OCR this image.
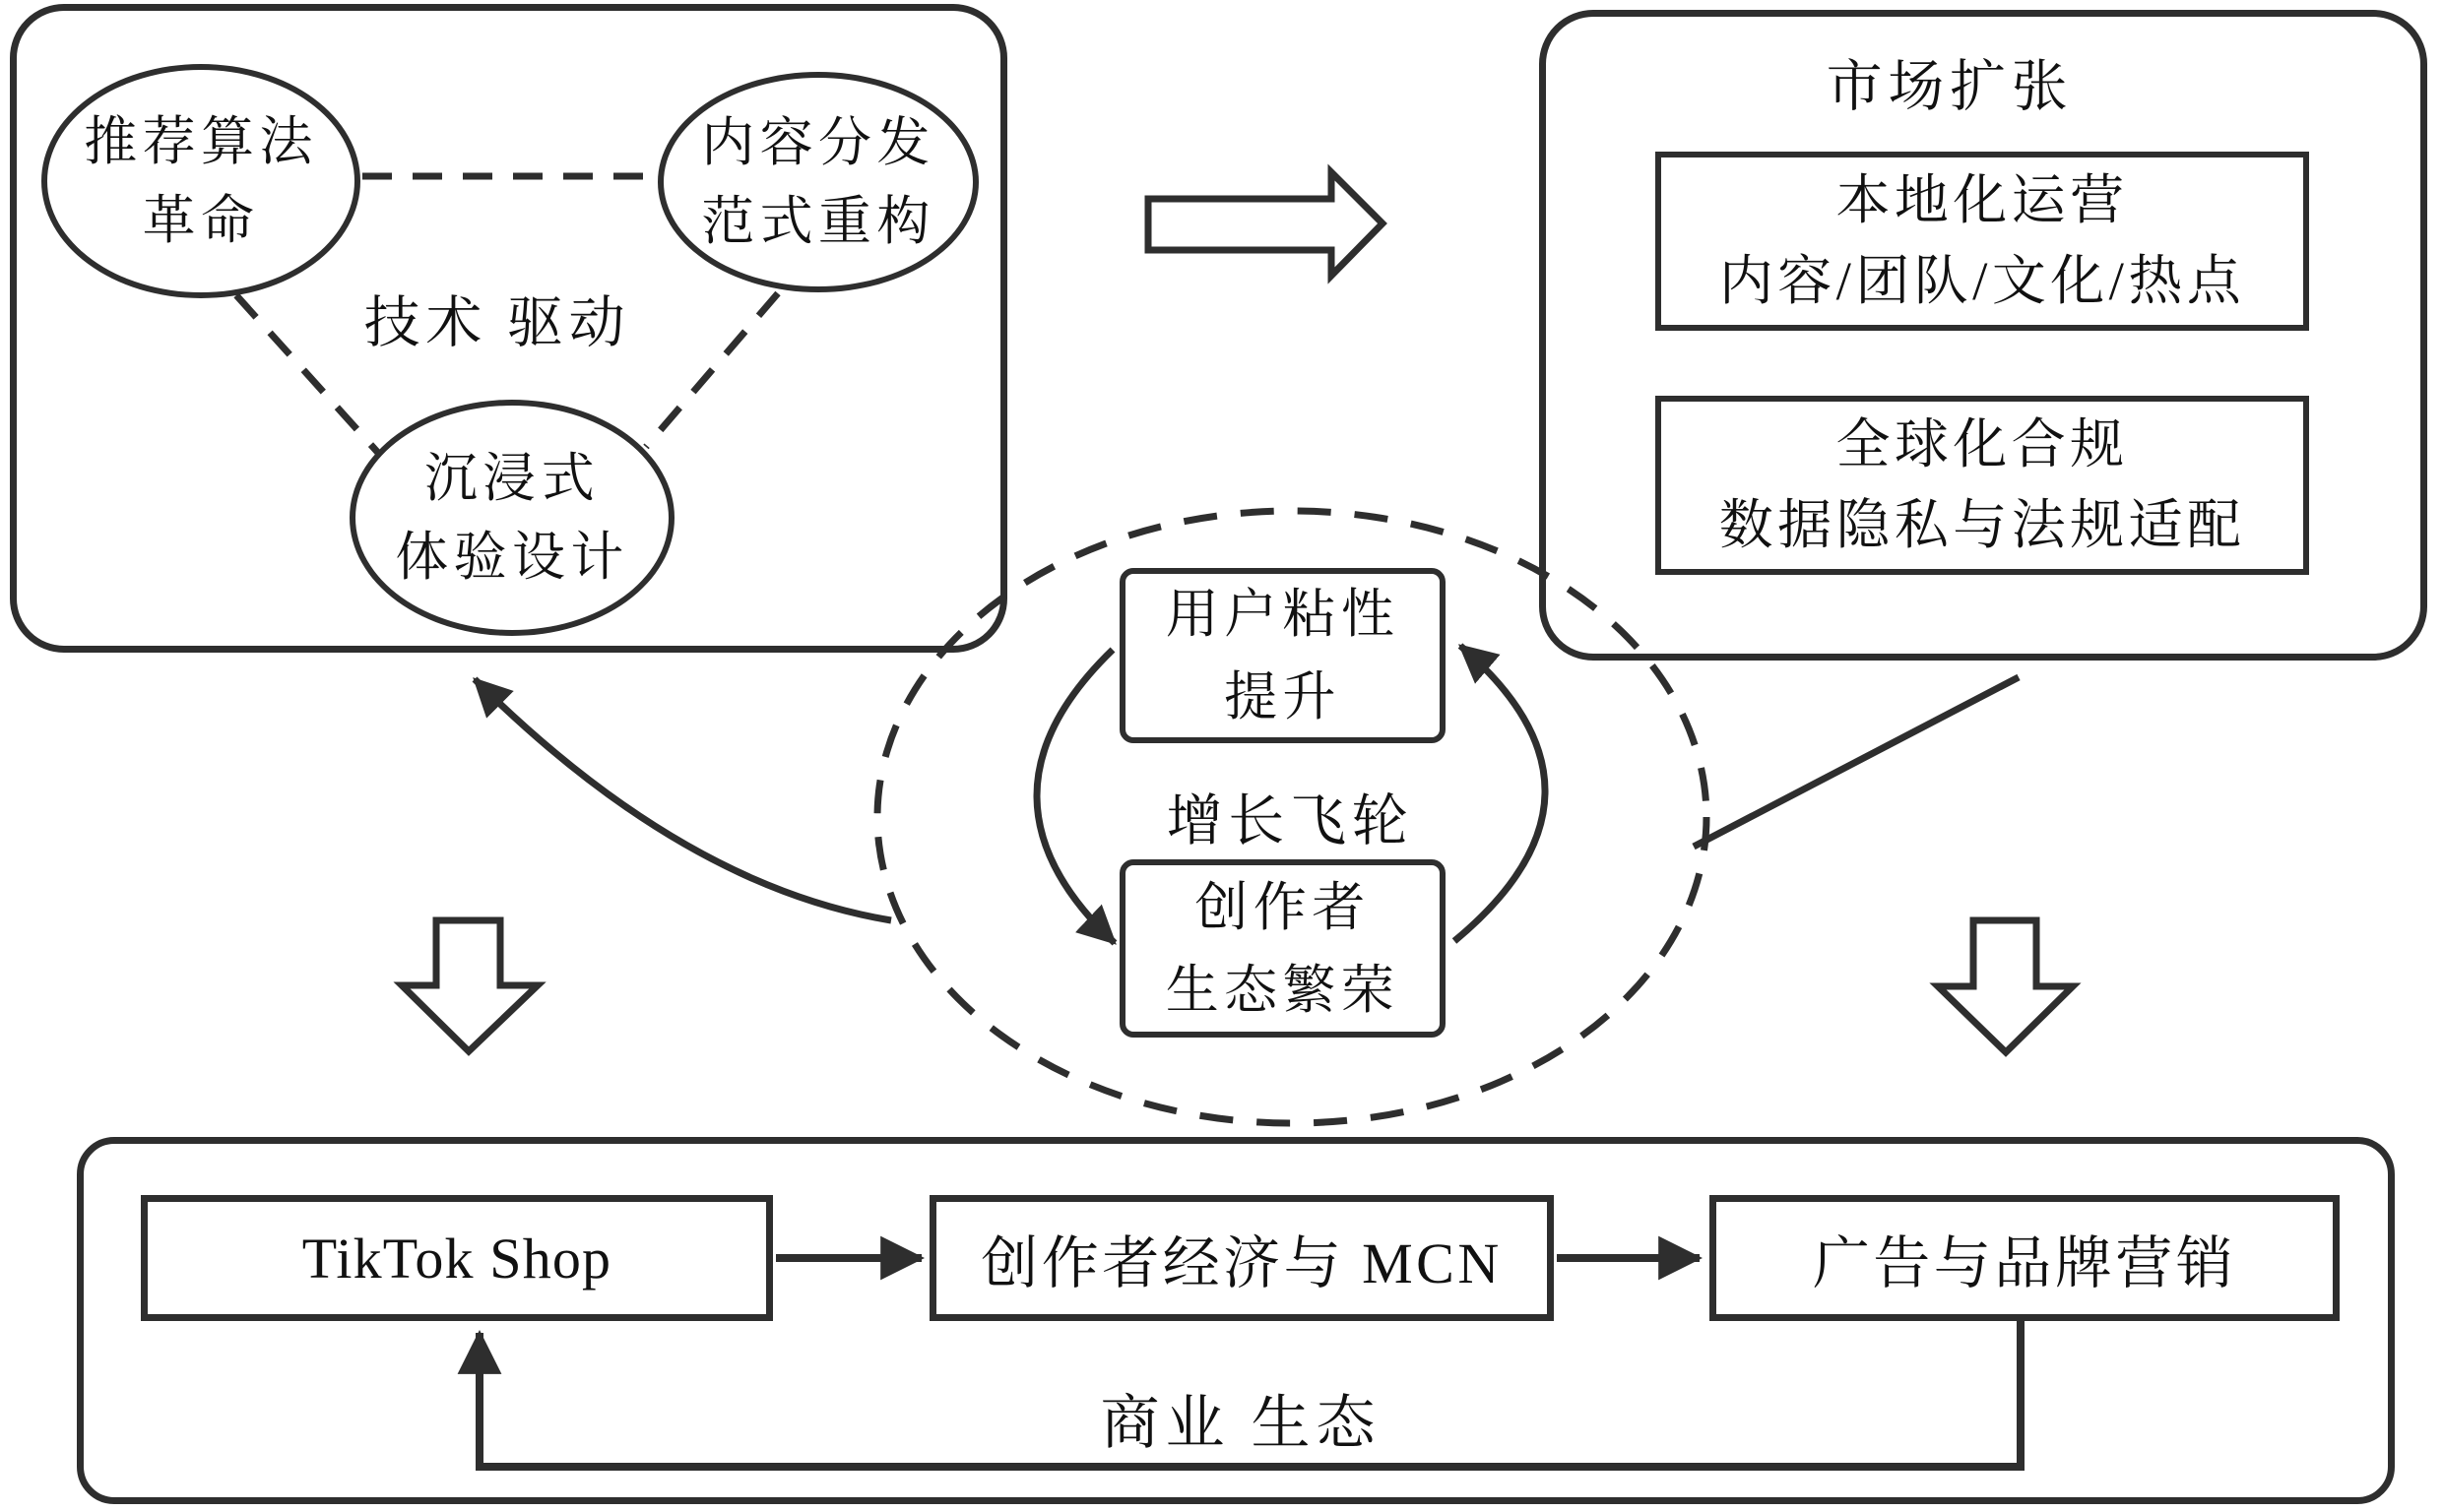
推荐算法
革命
内容分发
范式重构
沉浸式
体验设计
技术 驱动
市场扩张
本地化运营
内容/团队/文化/热点
全球化合规
数据隐私与法规适配
用户粘性
提升
增长飞轮
创作者
生态繁荣
TikTok Shop	创作者经济与 MCN	广告与品牌营销
商业 生态
